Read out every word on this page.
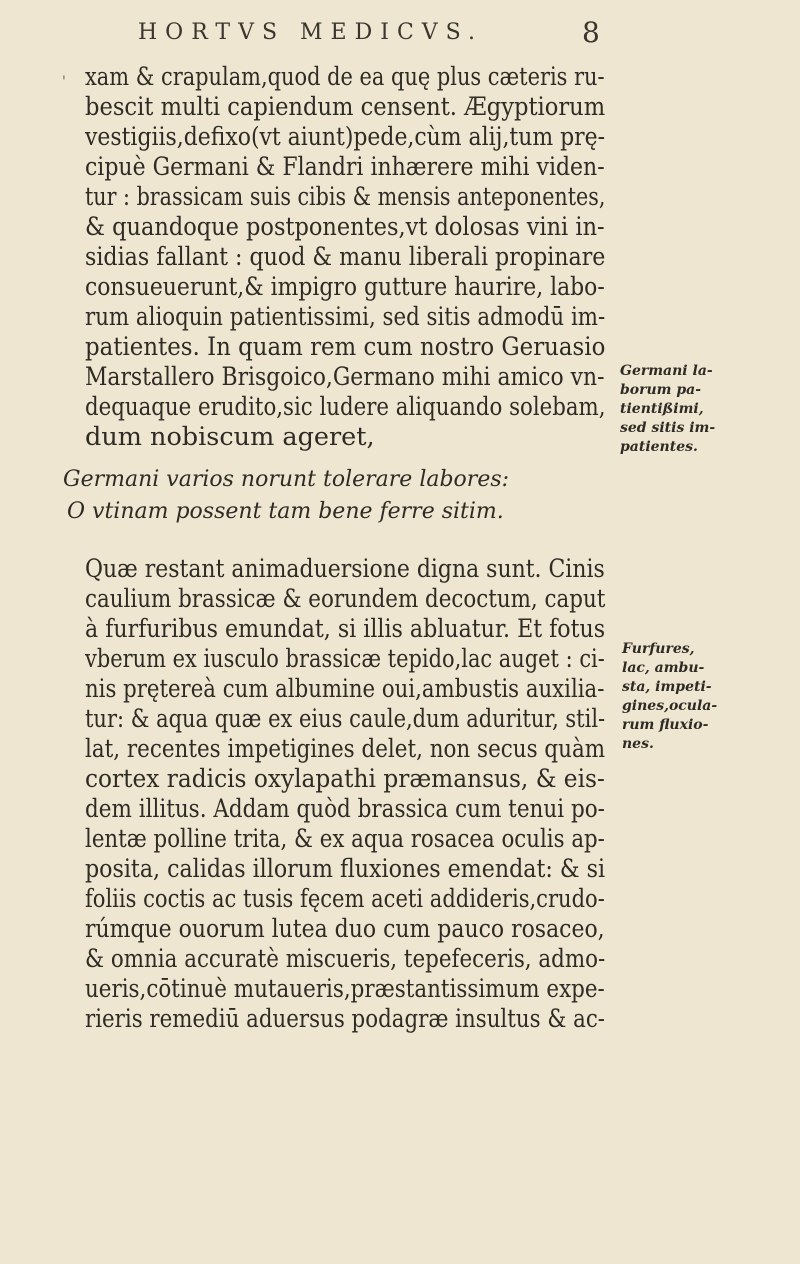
HORTVS MEDICVS.	8
' xam & crapulam,quod de ea quę plus cæteris ru-
bescit multi capiendum censent. Ægyptiorum
vestigiis,defixo(vt aiunt)pede,cùm alij,tum prę-
cipuè Germani & Flandri inhærere mihi viden-
tur : brassicam suis cibis & mensis anteponentes,
& quandoque postponentes,vt dolosas vini in-
sidias fallant : quod & manu liberali propinare
consueuerunt,& impigro gutture haurire, labo-
rum alioquin patientissimi, sed sitis admodū im-
patientes. In quam rem cum nostro Geruasio
Marstallero Brisgoico,Germano mihi amico vn-
dequaque erudito,sic ludere aliquando solebam,
dum nobiscum ageret,
Germani varios norunt tolerare labores:
O vtinam possent tam bene ferre sitim.
Quæ restant animaduersione digna sunt. Cinis
caulium brassicæ & eorundem decoctum, caput
à furfuribus emundat, si illis abluatur. Et fotus
vberum ex iusculo brassicæ tepido,lac auget : ci-
nis prętereà cum albumine oui,ambustis auxilia-
tur: & aqua quæ ex eius caule,dum aduritur, stil-
lat, recentes impetigines delet, non secus quàm
cortex radicis oxylapathi præmansus, & eis-
dem illitus. Addam quòd brassica cum tenui po-
lentæ polline trita, & ex aqua rosacea oculis ap-
posita, calidas illorum fluxiones emendat: & si
foliis coctis ac tusis fęcem aceti addideris,crudo-
rúmque ouorum lutea duo cum pauco rosaceo,
& omnia accuratè miscueris, tepefeceris, admo-
ueris,cōtinuè mutaueris,præstantissimum expe-
rieris remediū aduersus podagræ insultus & ac-
Germani la-
borum pa-
tientißimi,
sed sitis im-
patientes.
Furfures,
lac, ambu-
sta, impeti-
gines,ocula-
rum fluxio-
nes.
